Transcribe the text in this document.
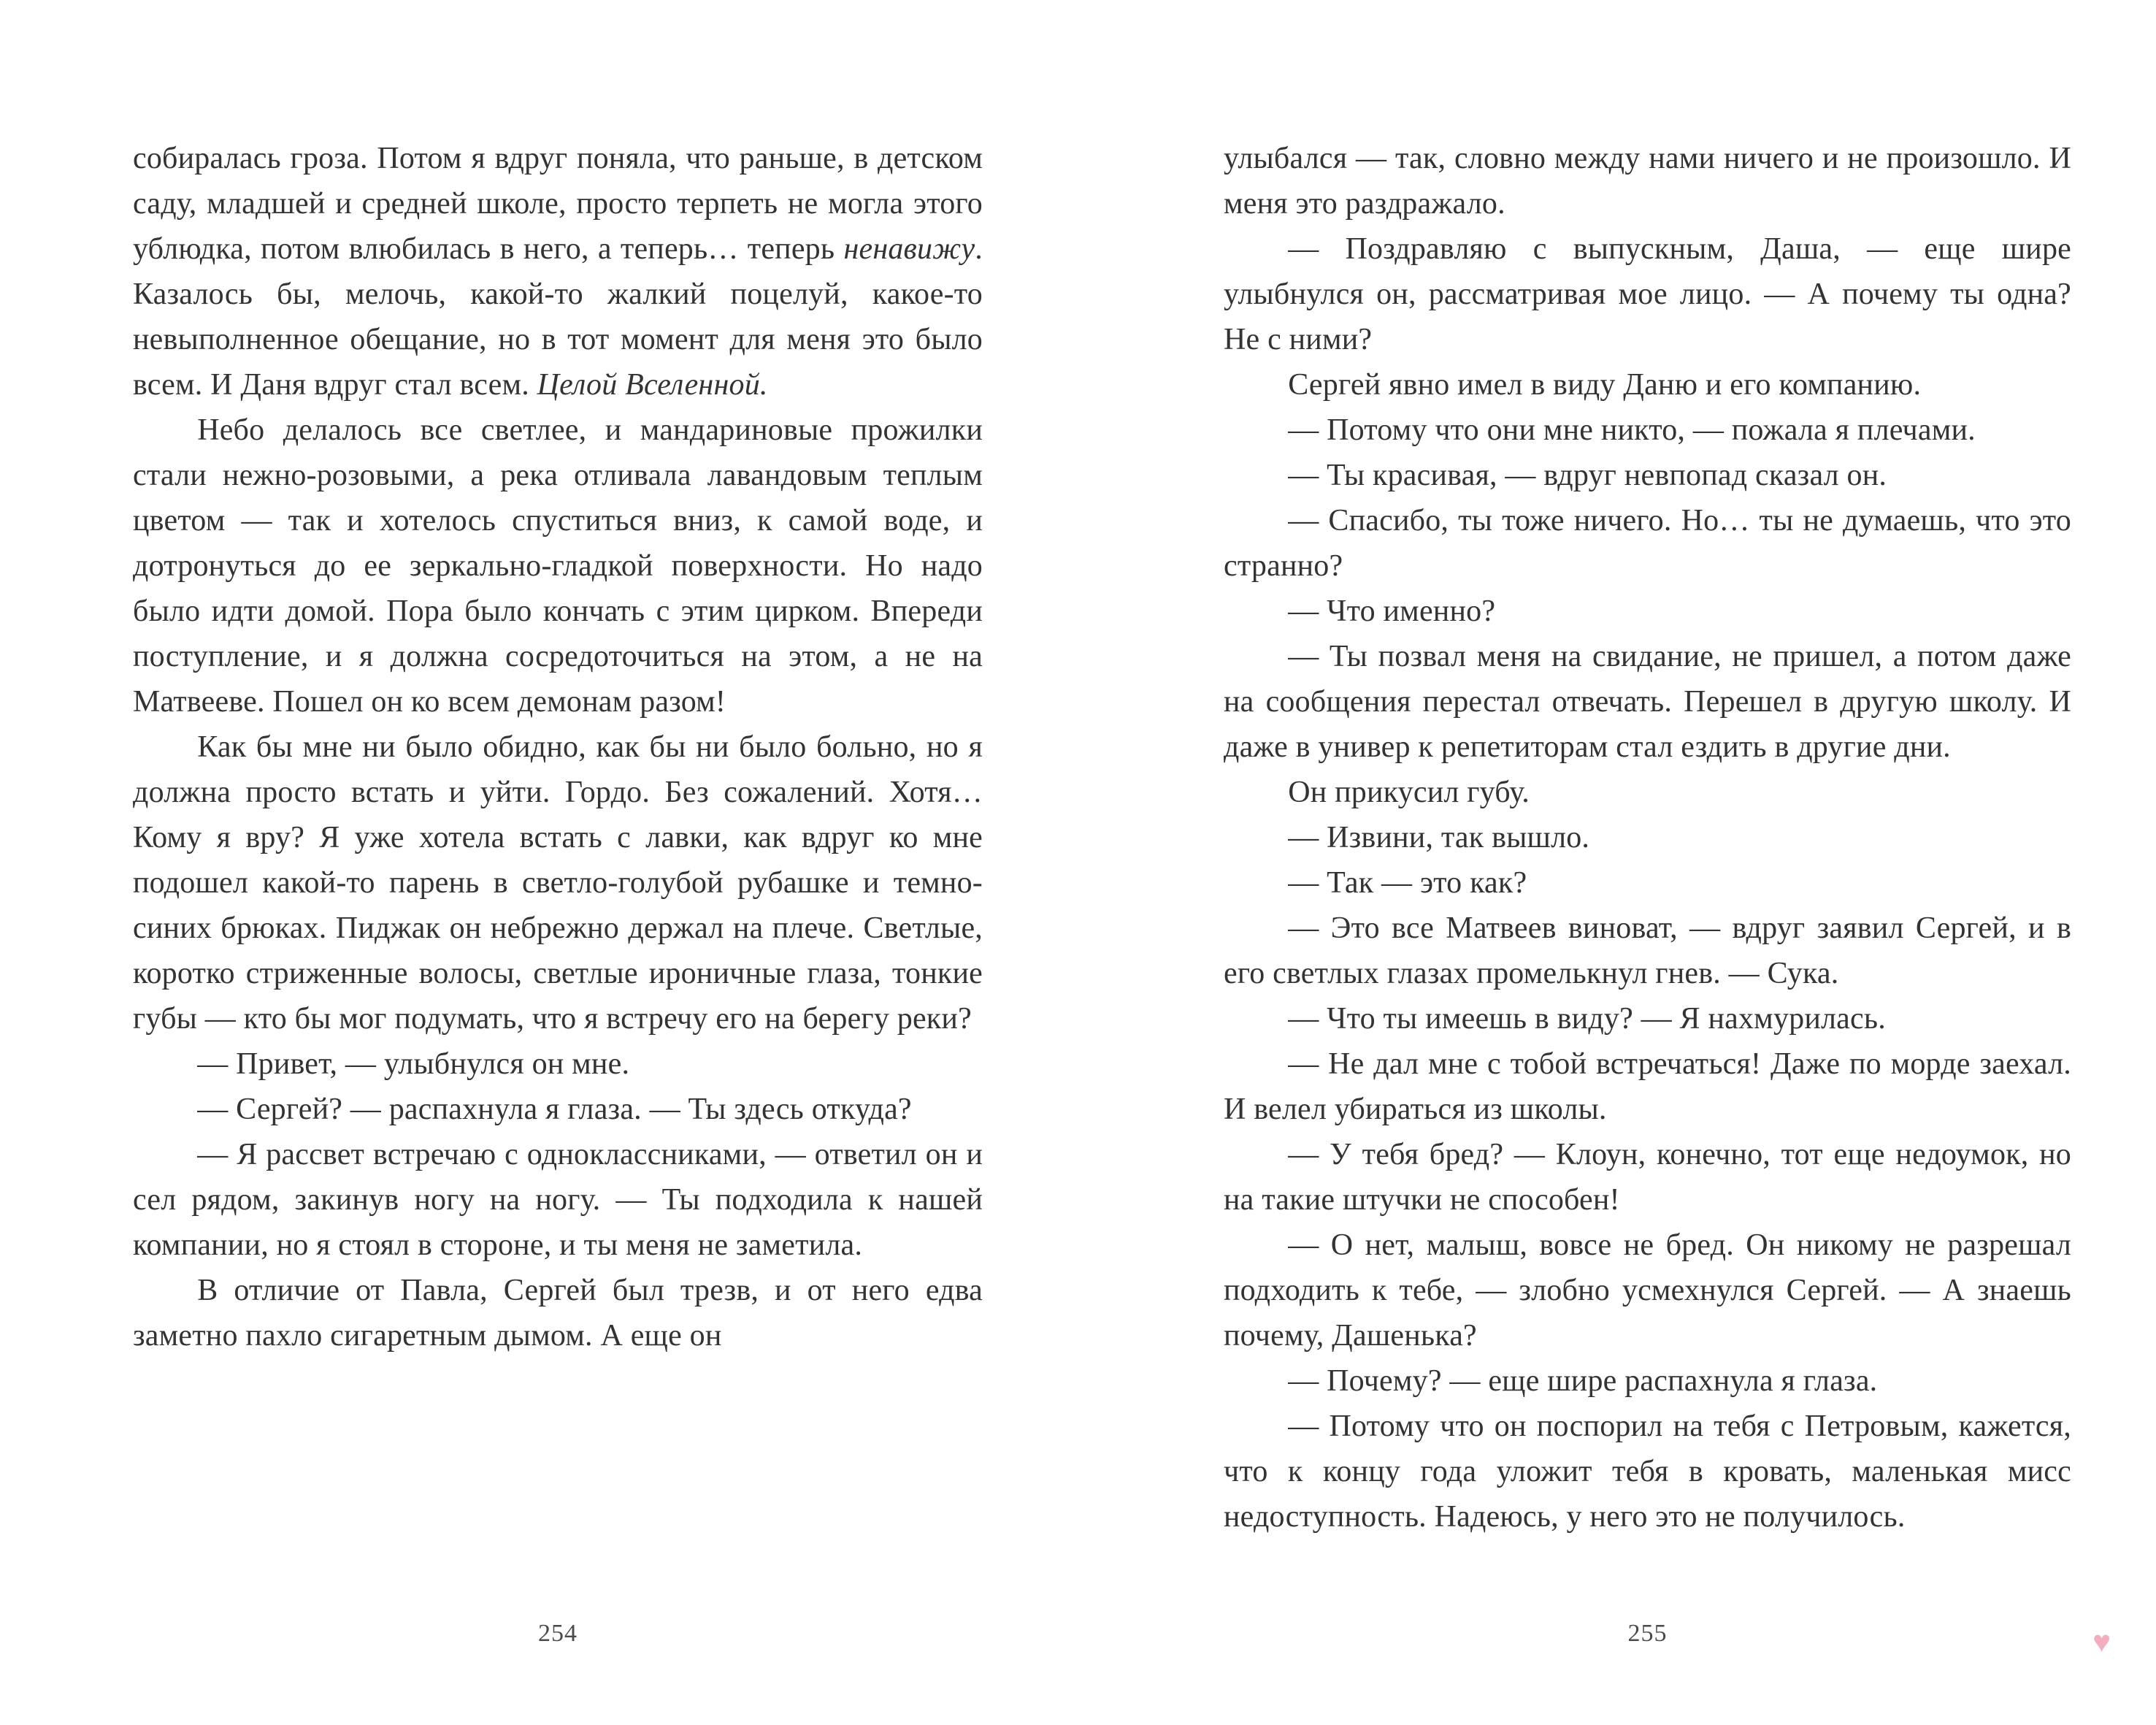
собиралась гроза. Потом я вдруг поняла, что раньше, в детском саду, младшей и средней школе, просто терпеть не могла этого ублюдка, потом влюбилась в него, а теперь… теперь ненавижу. Казалось бы, мелочь, какой-то жалкий поцелуй, какое-то невыполненное обещание, но в тот момент для меня это было всем. И Даня вдруг стал всем. Целой Вселенной.

Небо делалось все светлее, и мандариновые прожилки стали нежно-розовыми, а река отливала лавандовым теплым цветом — так и хотелось спуститься вниз, к самой воде, и дотронуться до ее зеркально-гладкой поверхности. Но надо было идти домой. Пора было кончать с этим цирком. Впереди поступление, и я должна сосредоточиться на этом, а не на Матвееве. Пошел он ко всем демонам разом!

Как бы мне ни было обидно, как бы ни было больно, но я должна просто встать и уйти. Гордо. Без сожалений. Хотя… Кому я вру? Я уже хотела встать с лавки, как вдруг ко мне подошел какой-то парень в светло-голубой рубашке и темно-синих брюках. Пиджак он небрежно держал на плече. Светлые, коротко стриженные волосы, светлые ироничные глаза, тонкие губы — кто бы мог подумать, что я встречу его на берегу реки?

— Привет, — улыбнулся он мне.

— Сергей? — распахнула я глаза. — Ты здесь откуда?

— Я рассвет встречаю с одноклассниками, — ответил он и сел рядом, закинув ногу на ногу. — Ты подходила к нашей компании, но я стоял в стороне, и ты меня не заметила.

В отличие от Павла, Сергей был трезв, и от него едва заметно пахло сигаретным дымом. А еще он

254

улыбался — так, словно между нами ничего и не произошло. И меня это раздражало.

— Поздравляю с выпускным, Даша, — еще шире улыбнулся он, рассматривая мое лицо. — А почему ты одна? Не с ними?

Сергей явно имел в виду Даню и его компанию.

— Потому что они мне никто, — пожала я плечами.

— Ты красивая, — вдруг невпопад сказал он.

— Спасибо, ты тоже ничего. Но… ты не думаешь, что это странно?

— Что именно?

— Ты позвал меня на свидание, не пришел, а потом даже на сообщения перестал отвечать. Перешел в другую школу. И даже в универ к репетиторам стал ездить в другие дни.

Он прикусил губу.

— Извини, так вышло.

— Так — это как?

— Это все Матвеев виноват, — вдруг заявил Сергей, и в его светлых глазах промелькнул гнев. — Сука.

— Что ты имеешь в виду? — Я нахмурилась.

— Не дал мне с тобой встречаться! Даже по морде заехал. И велел убираться из школы.

— У тебя бред? — Клоун, конечно, тот еще недоумок, но на такие штучки не способен!

— О нет, малыш, вовсе не бред. Он никому не разрешал подходить к тебе, — злобно усмехнулся Сергей. — А знаешь почему, Дашенька?

— Почему? — еще шире распахнула я глаза.

— Потому что он поспорил на тебя с Петровым, кажется, что к концу года уложит тебя в кровать, маленькая мисс недоступность. Надеюсь, у него это не получилось.

255	♥
